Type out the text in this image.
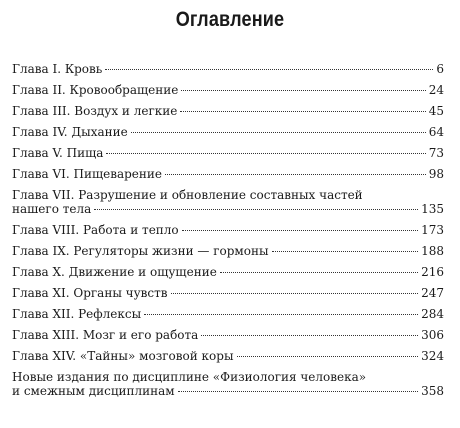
Оглавление
Глава I. Кровь	6
Глава II. Кровообращение	24
Глава III. Воздух и легкие	45
Глава IV. Дыхание	64
Глава V. Пища	73
Глава VI. Пищеварение	98
Глава VII. Разрушение и обновление составных частей
нашего тела	135
Глава VIII. Работа и тепло	173
Глава IX. Регуляторы жизни — гормоны	188
Глава X. Движение и ощущение	216
Глава XI. Органы чувств	247
Глава XII. Рефлексы	284
Глава XIII. Мозг и его работа	306
Глава XIV. «Тайны» мозговой коры	324
Новые издания по дисциплине «Физиология человека»
и смежным дисциплинам	358
